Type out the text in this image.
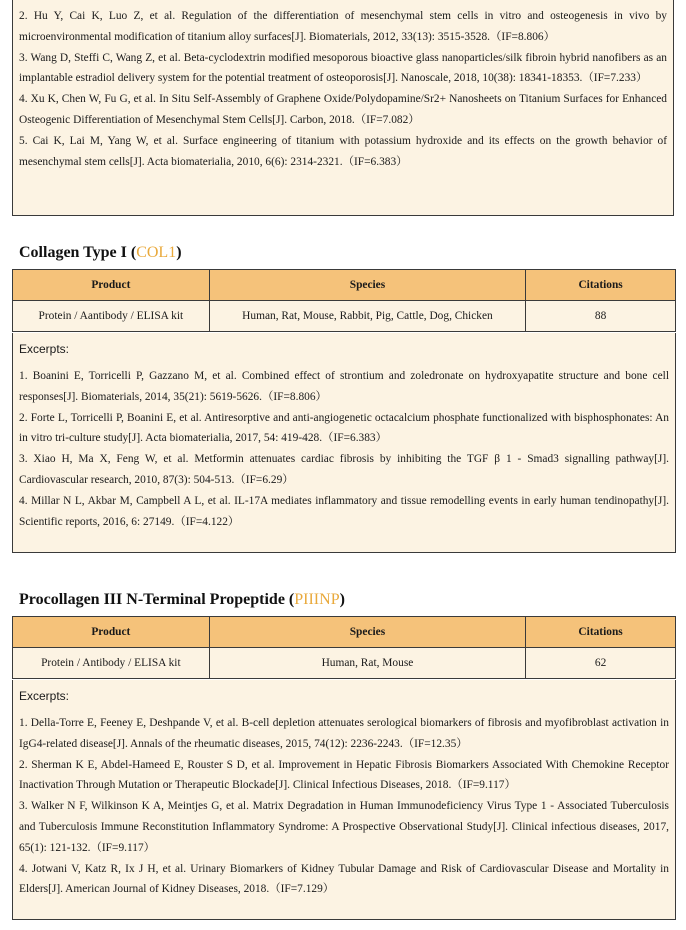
2. Hu Y, Cai K, Luo Z, et al. Regulation of the differentiation of mesenchymal stem cells in vitro and osteogenesis in vivo by microenvironmental modification of titanium alloy surfaces[J]. Biomaterials, 2012, 33(13): 3515-3528.（IF=8.806）

3. Wang D, Steffi C, Wang Z, et al. Beta-cyclodextrin modified mesoporous bioactive glass nanoparticles/silk fibroin hybrid nanofibers as an implantable estradiol delivery system for the potential treatment of osteoporosis[J]. Nanoscale, 2018, 10(38): 18341-18353.（IF=7.233）

4. Xu K, Chen W, Fu G, et al. In Situ Self-Assembly of Graphene Oxide/Polydopamine/Sr2+ Nanosheets on Titanium Surfaces for Enhanced Osteogenic Differentiation of Mesenchymal Stem Cells[J]. Carbon, 2018.（IF=7.082）

5. Cai K, Lai M, Yang W, et al. Surface engineering of titanium with potassium hydroxide and its effects on the growth behavior of mesenchymal stem cells[J]. Acta biomaterialia, 2010, 6(6): 2314-2321.（IF=6.383）

Collagen Type I (COL1)
Product	Species	Citations
Protein / Aantibody / ELISA kit	Human, Rat, Mouse, Rabbit, Pig, Cattle, Dog, Chicken	88
Excerpts:

1. Boanini E, Torricelli P, Gazzano M, et al. Combined effect of strontium and zoledronate on hydroxyapatite structure and bone cell responses[J]. Biomaterials, 2014, 35(21): 5619-5626.（IF=8.806）

2. Forte L, Torricelli P, Boanini E, et al. Antiresorptive and anti-angiogenetic octacalcium phosphate functionalized with bisphosphonates: An in vitro tri-culture study[J]. Acta biomaterialia, 2017, 54: 419-428.（IF=6.383）

3. Xiao H, Ma X, Feng W, et al. Metformin attenuates cardiac fibrosis by inhibiting the TGF β 1 - Smad3 signalling pathway[J]. Cardiovascular research, 2010, 87(3): 504-513.（IF=6.29）

4. Millar N L, Akbar M, Campbell A L, et al. IL-17A mediates inflammatory and tissue remodelling events in early human tendinopathy[J]. Scientific reports, 2016, 6: 27149.（IF=4.122）

Procollagen III N-Terminal Propeptide (PIIINP)
Product	Species	Citations
Protein / Antibody / ELISA kit	Human, Rat, Mouse	62
Excerpts:

1. Della-Torre E, Feeney E, Deshpande V, et al. B-cell depletion attenuates serological biomarkers of fibrosis and myofibroblast activation in IgG4-related disease[J]. Annals of the rheumatic diseases, 2015, 74(12): 2236-2243.（IF=12.35）

2. Sherman K E, Abdel-Hameed E, Rouster S D, et al. Improvement in Hepatic Fibrosis Biomarkers Associated With Chemokine Receptor Inactivation Through Mutation or Therapeutic Blockade[J]. Clinical Infectious Diseases, 2018.（IF=9.117）

3. Walker N F, Wilkinson K A, Meintjes G, et al. Matrix Degradation in Human Immunodeficiency Virus Type 1 - Associated Tuberculosis and Tuberculosis Immune Reconstitution Inflammatory Syndrome: A Prospective Observational Study[J]. Clinical infectious diseases, 2017, 65(1): 121-132.（IF=9.117）

4. Jotwani V, Katz R, Ix J H, et al. Urinary Biomarkers of Kidney Tubular Damage and Risk of Cardiovascular Disease and Mortality in Elders[J]. American Journal of Kidney Diseases, 2018.（IF=7.129）
